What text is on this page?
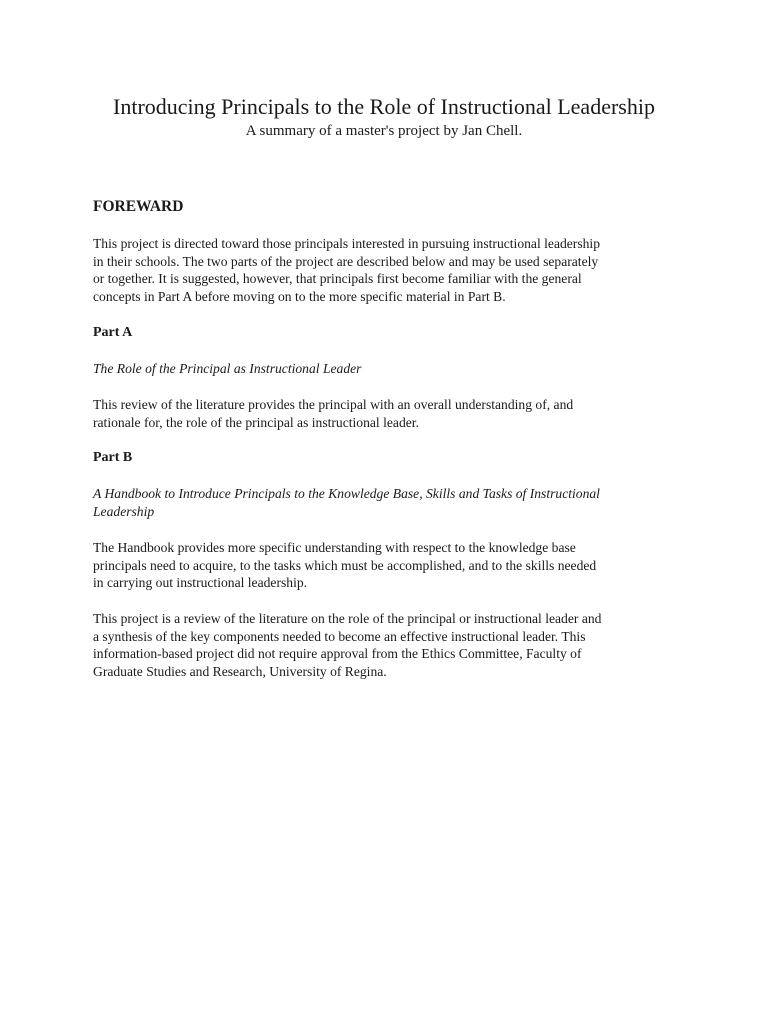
Introducing Principals to the Role of Instructional Leadership
A summary of a master's project by Jan Chell.
FOREWARD
This project is directed toward those principals interested in pursuing instructional leadership
in their schools. The two parts of the project are described below and may be used separately
or together. It is suggested, however, that principals first become familiar with the general
concepts in Part A before moving on to the more specific material in Part B.
Part A
The Role of the Principal as Instructional Leader
This review of the literature provides the principal with an overall understanding of, and
rationale for, the role of the principal as instructional leader.
Part B
A Handbook to Introduce Principals to the Knowledge Base, Skills and Tasks of Instructional
Leadership
The Handbook provides more specific understanding with respect to the knowledge base
principals need to acquire, to the tasks which must be accomplished, and to the skills needed
in carrying out instructional leadership.
This project is a review of the literature on the role of the principal or instructional leader and
a synthesis of the key components needed to become an effective instructional leader. This
information-based project did not require approval from the Ethics Committee, Faculty of
Graduate Studies and Research, University of Regina.
